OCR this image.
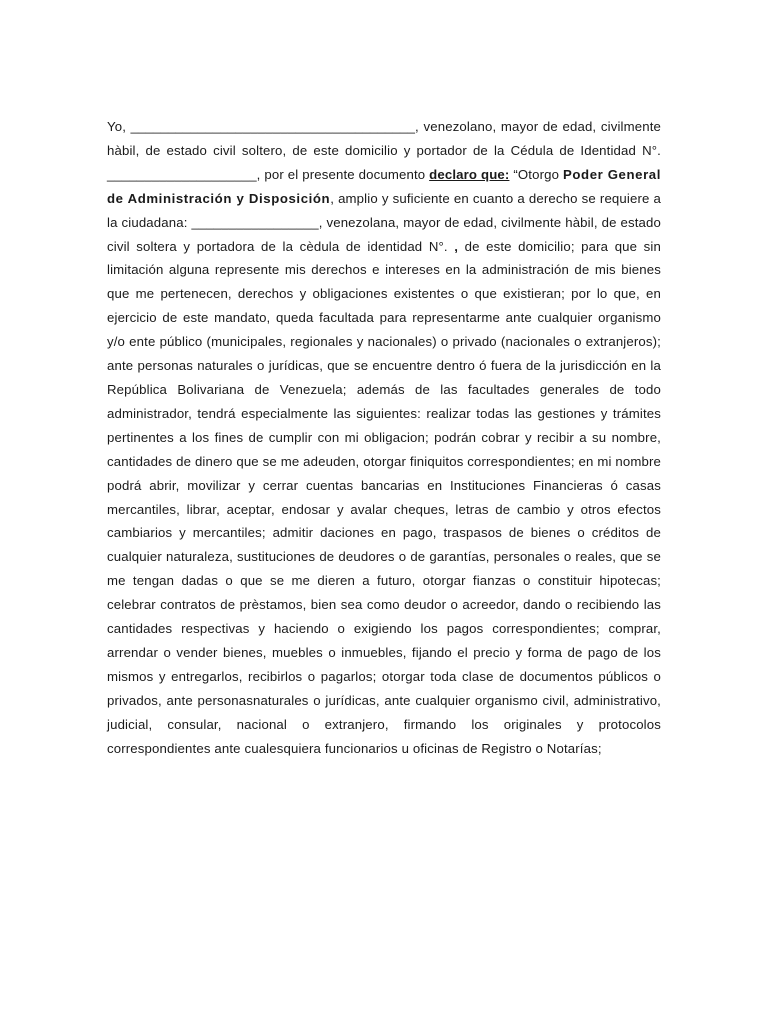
Yo, ______________________________________, venezolano, mayor de edad, civilmente hàbil, de estado civil soltero, de este domicilio y portador de la Cédula de Identidad N°. ____________________, por el presente documento declaro que: “Otorgo Poder General de Administración y Disposición, amplio y suficiente en cuanto a derecho se requiere a la ciudadana: _________________, venezolana, mayor de edad, civilmente hàbil, de estado civil soltera y portadora de la cèdula de identidad N°. , de este domicilio; para que sin limitación alguna represente mis derechos e intereses en la administración de mis bienes que me pertenecen, derechos y obligaciones existentes o que existieran; por lo que, en ejercicio de este mandato, queda facultada para representarme ante cualquier organismo y/o ente público (municipales, regionales y nacionales) o privado (nacionales o extranjeros); ante personas naturales o jurídicas, que se encuentre dentro ó fuera de la jurisdicción en la República Bolivariana de Venezuela; además de las facultades generales de todo administrador, tendrá especialmente las siguientes: realizar todas las gestiones y trámites pertinentes a los fines de cumplir con mi obligacion; podrán cobrar y recibir a su nombre, cantidades de dinero que se me adeuden, otorgar finiquitos correspondientes; en mi nombre podrá abrir, movilizar y cerrar cuentas bancarias en Instituciones Financieras ó casas mercantiles, librar, aceptar, endosar y avalar cheques, letras de cambio y otros efectos cambiarios y mercantiles; admitir daciones en pago, traspasos de bienes o créditos de cualquier naturaleza, sustituciones de deudores o de garantías, personales o reales, que se me tengan dadas o que se me dieren a futuro, otorgar fianzas o constituir hipotecas; celebrar contratos de prèstamos, bien sea como deudor o acreedor, dando o recibiendo las cantidades respectivas y haciendo o exigiendo los pagos correspondientes; comprar, arrendar o vender bienes, muebles o inmuebles, fijando el precio y forma de pago de los mismos y entregarlos, recibirlos o pagarlos; otorgar toda clase de documentos públicos o privados, ante personasnaturales o jurídicas, ante cualquier organismo civil, administrativo, judicial, consular, nacional o extranjero, firmando los originales y protocolos correspondientes ante cualesquiera funcionarios u oficinas de Registro o Notarías;
